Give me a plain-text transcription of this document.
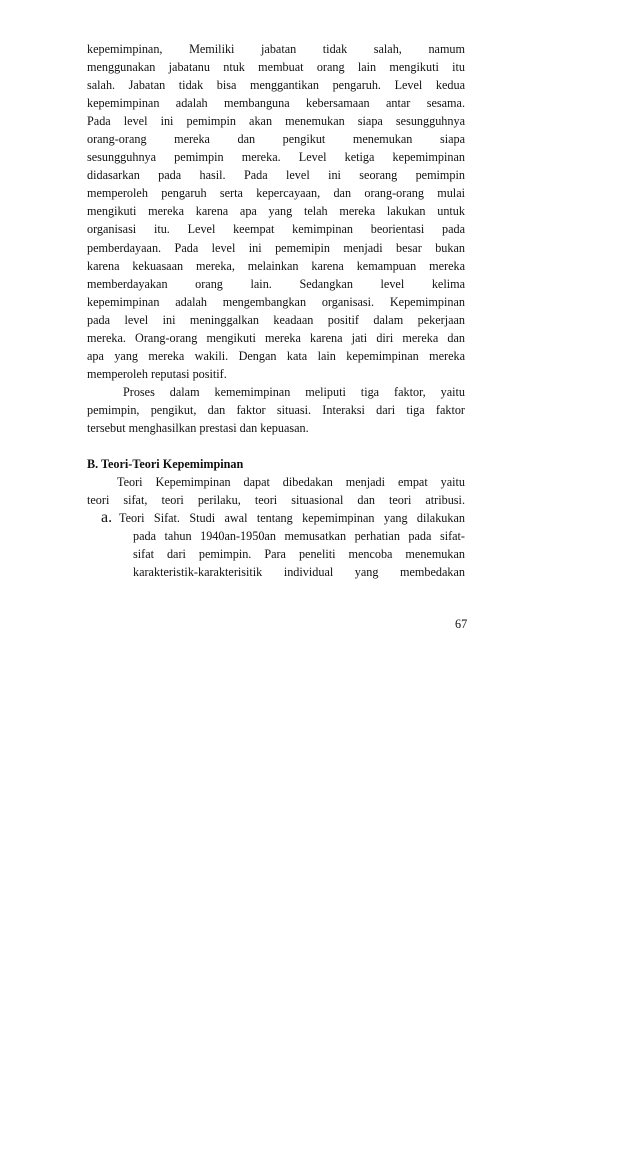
kepemimpinan, Memiliki jabatan tidak salah, namum
menggunakan jabatanu ntuk membuat orang lain mengikuti itu
salah. Jabatan tidak bisa menggantikan pengaruh. Level kedua
kepemimpinan adalah membanguna kebersamaan antar sesama.
Pada level ini pemimpin akan menemukan siapa sesungguhnya
orang-orang mereka dan pengikut menemukan siapa
sesungguhnya pemimpin mereka. Level ketiga kepemimpinan
didasarkan pada hasil. Pada level ini seorang pemimpin
memperoleh pengaruh serta kepercayaan, dan orang-orang mulai
mengikuti mereka karena apa yang telah mereka lakukan untuk
organisasi itu. Level keempat kemimpinan beorientasi pada
pemberdayaan. Pada level ini pememipin menjadi besar bukan
karena kekuasaan mereka, melainkan karena kemampuan mereka
memberdayakan orang lain. Sedangkan level kelima
kepemimpinan adalah mengembangkan organisasi. Kepemimpinan
pada level ini meninggalkan keadaan positif dalam pekerjaan
mereka. Orang-orang mengikuti mereka karena jati diri mereka dan
apa yang mereka wakili. Dengan kata lain kepemimpinan mereka
memperoleh reputasi positif.
Proses dalam kememimpinan meliputi tiga faktor, yaitu
pemimpin, pengikut, dan faktor situasi. Interaksi dari tiga faktor
tersebut menghasilkan prestasi dan kepuasan.
B. Teori-Teori Kepemimpinan
Teori Kepemimpinan dapat dibedakan menjadi empat yaitu
teori sifat, teori perilaku, teori situasional dan teori atribusi.
a. Teori Sifat. Studi awal tentang kepemimpinan yang dilakukan
pada tahun 1940an-1950an memusatkan perhatian pada sifat-
sifat dari pemimpin. Para peneliti mencoba menemukan
karakteristik-karakterisitik individual yang membedakan
67
